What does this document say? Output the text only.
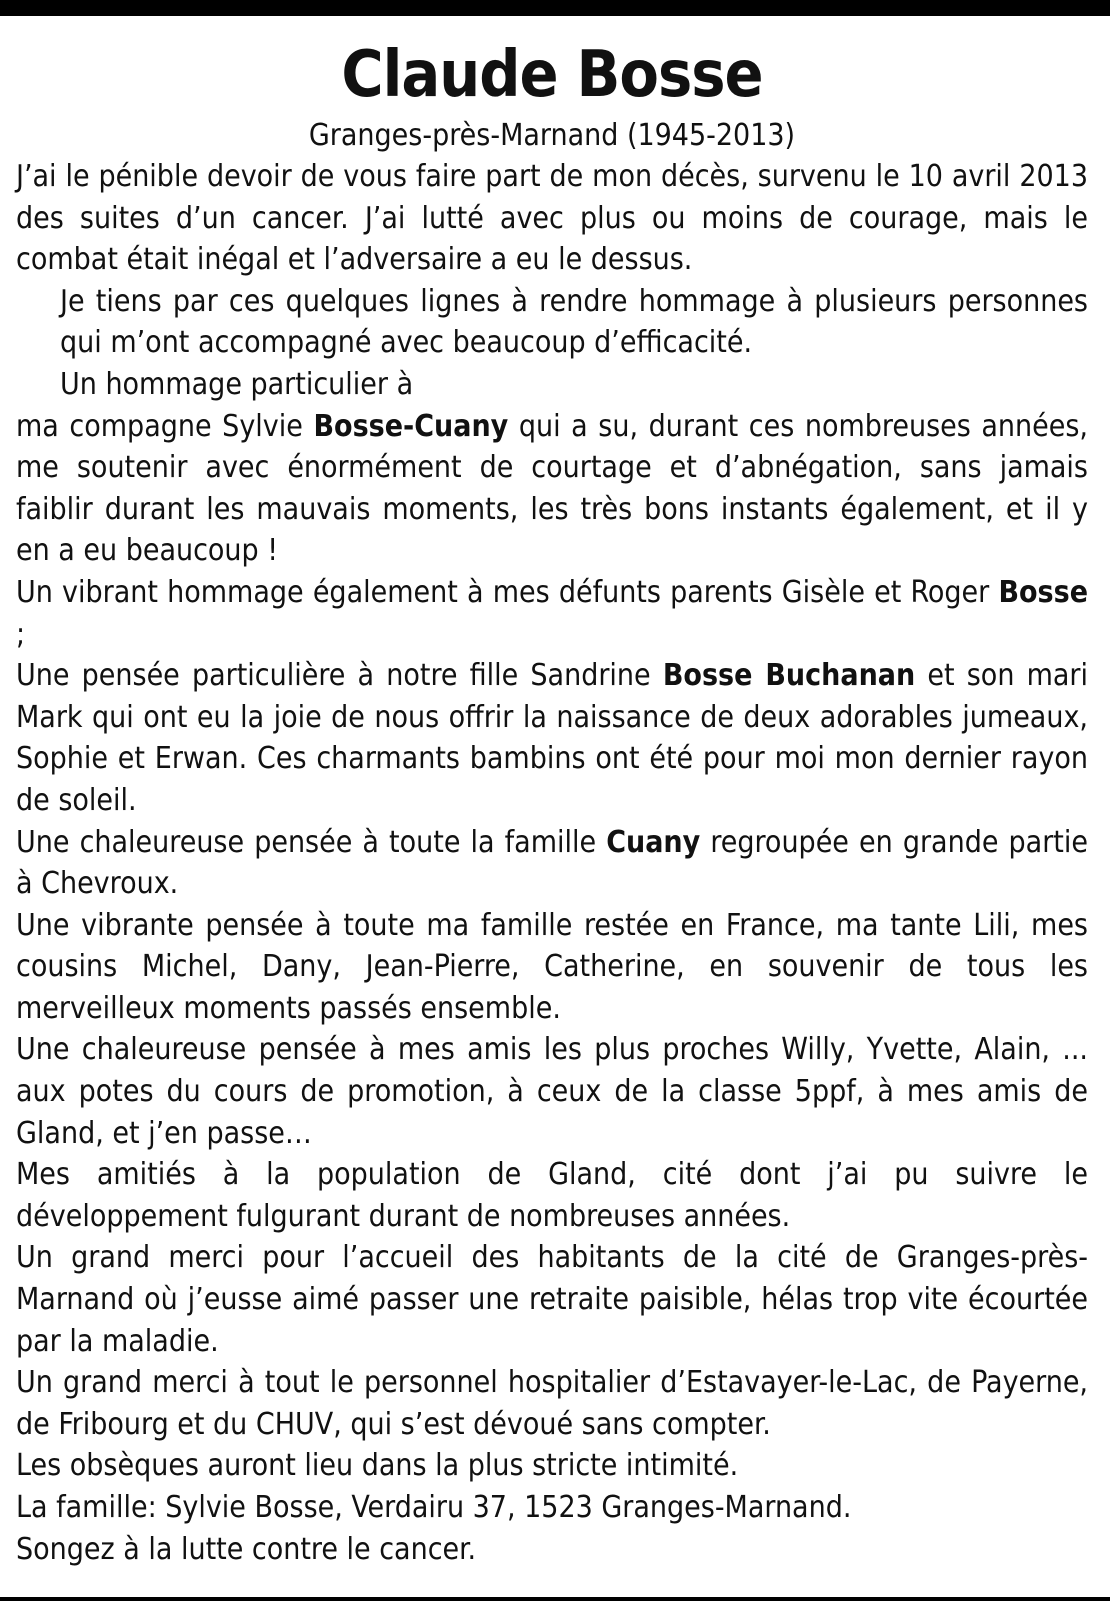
Claude Bosse

Granges-près-Marnand (1945-2013)

J’ai le pénible devoir de vous faire part de mon décès, survenu le 10 avril 2013 des suites d’un cancer. J’ai lutté avec plus ou moins de courage, mais le combat était inégal et l’adversaire a eu le dessus.

Je tiens par ces quelques lignes à rendre hommage à plusieurs personnes qui m’ont accompagné avec beaucoup d’efficacité.

Un hommage particulier à

ma compagne Sylvie Bosse-Cuany qui a su, durant ces nombreuses années, me soutenir avec énormément de courtage et d’abnégation, sans jamais faiblir durant les mauvais moments, les très bons instants également, et il y en a eu beaucoup !

Un vibrant hommage également à mes défunts parents Gisèle et Roger Bosse ;

Une pensée particulière à notre fille Sandrine Bosse Buchanan et son mari Mark qui ont eu la joie de nous offrir la naissance de deux adorables jumeaux, Sophie et Erwan. Ces charmants bambins ont été pour moi mon dernier rayon de soleil.

Une chaleureuse pensée à toute la famille Cuany regroupée en grande partie à Chevroux.

Une vibrante pensée à toute ma famille restée en France, ma tante Lili, mes cousins Michel, Dany, Jean-Pierre, Catherine, en souvenir de tous les merveilleux moments passés ensemble.

Une chaleureuse pensée à mes amis les plus proches Willy, Yvette, Alain, ... aux potes du cours de promotion, à ceux de la classe 5ppf, à mes amis de Gland, et j’en passe…

Mes amitiés à la population de Gland, cité dont j’ai pu suivre le développement fulgurant durant de nombreuses années.

Un grand merci pour l’accueil des habitants de la cité de Granges-près-Marnand où j’eusse aimé passer une retraite paisible, hélas trop vite écourtée par la maladie.

Un grand merci à tout le personnel hospitalier d’Estavayer-le-Lac, de Payerne, de Fribourg et du CHUV, qui s’est dévoué sans compter.

Les obsèques auront lieu dans la plus stricte intimité.

La famille: Sylvie Bosse, Verdairu 37, 1523 Granges-Marnand.

Songez à la lutte contre le cancer.
